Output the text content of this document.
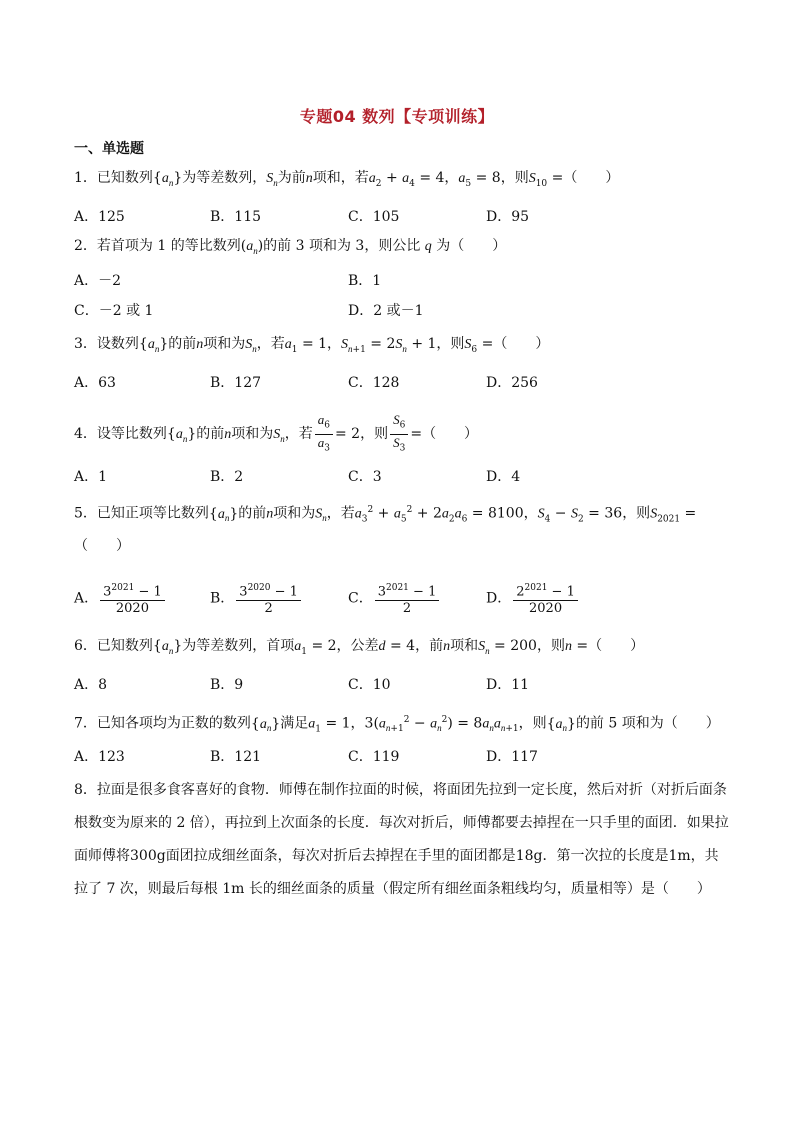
专题04 数列【专项训练】
一、单选题
1．已知数列$\{a_n\}$为等差数列，$S_n$为前n项和，若$a_2 + a_4 = 4$，$a_5 = 8$，则$S_{10}$ =（　　）
A．125	B．115	C．105	D．95
2．若首项为 1 的等比数列$(a_n)$的前 3 项和为 3，则公比 q 为（　　）
A．－2	B．1
C．－2 或 1	D．2 或－1
3．设数列$\{a_n\}$的前n项和为$S_n$，若$a_1 = 1$，$S_{n+1} = 2S_n + 1$，则$S_6$ =（　　）
A．63	B．127	C．128	D．256
4．设等比数列$\{a_n\}$的前n项和为$S_n$，若 $\frac{a_6}{a_3} = 2$，则 $\frac{S_6}{S_3}$ =（　　）
A．1	B．2	C．3	D．4
5．已知正项等比数列$\{a_n\}$的前n项和为$S_n$，若$a_3^2 + a_5^2 + 2a_2a_6 = 8100$，$S_4 - S_2 = 36$，则$S_{2021}$ =
（　　）
A． $\frac{3^{2021} - 1}{2020}$	B． $\frac{3^{2020} - 1}{2}$	C． $\frac{3^{2021} - 1}{2}$	D． $\frac{2^{2021} - 1}{2020}$
6．已知数列$\{a_n\}$为等差数列，首项$a_1 = 2$，公差d = 4，前n项和$S_n = 200$，则n =（　　）
A．8	B．9	C．10	D．11
7．已知各项均为正数的数列$\{a_n\}$满足$a_1 = 1$，$3(a_{n+1}^2 - a_n^2) = 8a_na_{n+1}$，则$\{a_n\}$的前 5 项和为（　　）
A．123	B．121	C．119	D．117
8．拉面是很多食客喜好的食物．师傅在制作拉面的时候，将面团先拉到一定长度，然后对折（对折后面条
根数变为原来的 2 倍），再拉到上次面条的长度．每次对折后，师傅都要去掉捏在一只手里的面团．如果拉
面师傅将300g面团拉成细丝面条，每次对折后去掉捏在手里的面团都是18g．第一次拉的长度是1m，共
拉了 7 次，则最后每根 1m 长的细丝面条的质量（假定所有细丝面条粗线均匀，质量相等）是（　　）
